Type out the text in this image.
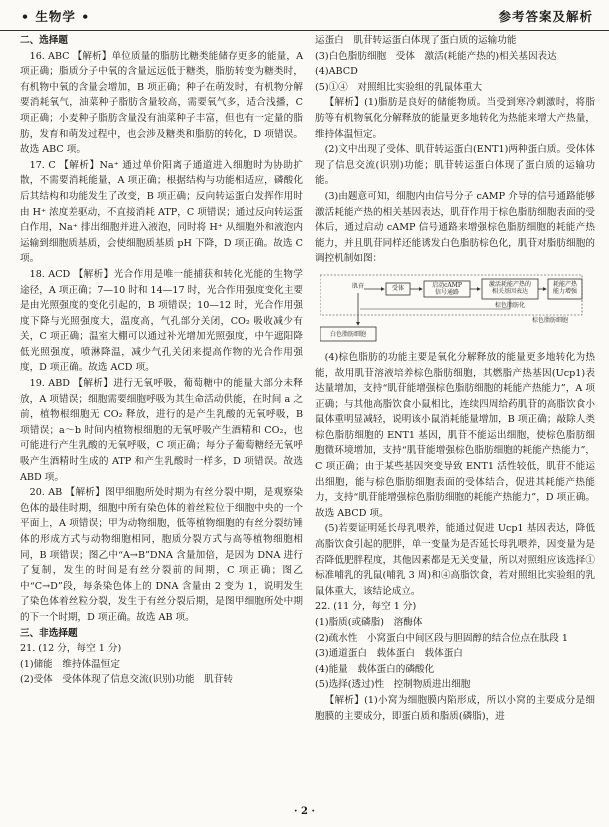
• 生物学 •	参考答案及解析

二、选择题

16. ABC 【解析】单位质量的脂肪比糖类能储存更多的能量，A 项正确；脂质分子中氧的含量远远低于糖类，脂肪转变为糖类时，有机物中氧的含量会增加，B 项正确；种子在萌发时，有机物分解要消耗氧气，油菜种子脂肪含量较高，需要氧气多，适合浅播，C 项正确；小麦种子脂肪含量没有油菜种子丰富，但也有一定量的脂肪，发育和萌发过程中，也会涉及糖类和脂肪的转化，D 项错误。故选 ABC 项。

17. C 【解析】Na⁺ 通过单价阳离子通道进入细胞时为协助扩散，不需要消耗能量，A 项正确；根据结构与功能相适应，磷酸化后其结构和功能发生了改变，B 项正确；反向转运蛋白发挥作用时由 H⁺ 浓度差驱动，不直接消耗 ATP，C 项错误；通过反向转运蛋白作用，Na⁺ 排出细胞并进入液泡，同时将 H⁺ 从细胞外和液泡内运输到细胞质基质，会使细胞质基质 pH 下降，D 项正确。故选 C 项。

18. ACD 【解析】光合作用是唯一能捕获和转化光能的生物学途径，A 项正确；7—10 时和 14—17 时，光合作用强度变化主要是由光照强度的变化引起的，B 项错误；10—12 时，光合作用强度下降与光照强度大，温度高，气孔部分关闭，CO₂ 吸收减少有关，C 项正确；温室大棚可以通过补光增加光照强度，中午遮阳降低光照强度，喷淋降温，减少气孔关闭来提高作物的光合作用强度，D 项正确。故选 ACD 项。

19. ABD 【解析】进行无氧呼吸，葡萄糖中的能量大部分未释放，A 项错误；细胞需要细胞呼吸为其生命活动供能，在时间 a 之前，植物根细胞无 CO₂ 释放，进行的是产生乳酸的无氧呼吸，B 项错误；a～b 时间内植物根细胞的无氧呼吸产生酒精和 CO₂，也可能进行产生乳酸的无氧呼吸，C 项正确；每分子葡萄糖经无氧呼吸产生酒精时生成的 ATP 和产生乳酸时一样多，D 项错误。故选 ABD 项。

20. AB 【解析】图甲细胞所处时期为有丝分裂中期，是观察染色体的最佳时期，细胞中所有染色体的着丝粒位于细胞中央的一个平面上，A 项错误；甲为动物细胞，低等植物细胞的有丝分裂纺锤体的形成方式与动物细胞相同，胞质分裂方式与高等植物细胞相同，B 项错误；图乙中“A→B”DNA 含量加倍，是因为 DNA 进行了复制，发生的时间是有丝分裂前的间期，C 项正确；图乙中“C→D”段，每条染色体上的 DNA 含量由 2 变为 1，说明发生了染色体着丝粒分裂，发生于有丝分裂后期，是图甲细胞所处中期的下一个时期，D 项正确。故选 AB 项。

三、非选择题

21. (12 分，每空 1 分)

(1)储能　维持体温恒定

(2)受体　受体体现了信息交流(识别)功能　肌苷转

运蛋白　肌苷转运蛋白体现了蛋白质的运输功能

(3)白色脂肪细胞　受体　激活(耗能产热的)相关基因表达

(4)ABCD

(5)①④　对照组比实验组的乳鼠体重大

【解析】(1)脂肪是良好的储能物质。当受到寒冷刺激时，将脂肪等有机物氧化分解释放的能量更多地转化为热能来增大产热量，维持体温恒定。

(2)文中出现了受体、肌苷转运蛋白(ENT1)两种蛋白质。受体体现了信息交流(识别)功能；肌苷转运蛋白体现了蛋白质的运输功能。

(3)由题意可知，细胞内由信号分子 cAMP 介导的信号通路能够激活耗能产热的相关基因表达，肌苷作用于棕色脂肪细胞表面的受体后，通过启动 cAMP 信号通路来增强棕色脂肪细胞的耗能产热能力，并且肌苷同样还能诱发白色脂肪棕色化，肌苷对脂肪细胞的调控机制如图：

肌苷	受体	启动cAMP
信号通路
激活耗能产热的
相关基因表达
耗能产热
能力增强
棕色脂肪化
白色脂肪细胞
棕色脂肪细胞

(4)棕色脂肪的功能主要是氧化分解释放的能量更多地转化为热能，故用肌苷溶液培养棕色脂肪细胞，其燃脂产热基因(Ucp1)表达量增加，支持“肌苷能增强棕色脂肪细胞的耗能产热能力”，A 项正确；与其他高脂饮食小鼠相比，连续四周给药肌苷的高脂饮食小鼠体重明显减轻，说明该小鼠消耗能量增加，B 项正确；敲除人类棕色脂肪细胞的 ENT1 基因，肌苷不能运出细胞，使棕色脂肪细胞微环境增加，支持“肌苷能增强棕色脂肪细胞的耗能产热能力”，C 项正确；由于某些基因突变导致 ENT1 活性较低，肌苷不能运出细胞，能与棕色脂肪细胞表面的受体结合，促进其耗能产热能力，支持“肌苷能增强棕色脂肪细胞的耗能产热能力”，D 项正确。故选 ABCD 项。

(5)若要证明延长母乳喂养，能通过促进 Ucp1 基因表达，降低高脂饮食引起的肥胖，单一变量为是否延长母乳喂养，因变量为是否降低肥胖程度，其他因素都是无关变量，所以对照组应该选择①标准哺乳的乳鼠(哺乳 3 周)和④高脂饮食，若对照组比实验组的乳鼠体重大，该结论成立。

22. (11 分，每空 1 分)

(1)脂质(或磷脂)　溶酶体

(2)疏水性　小窝蛋白中间区段与胆固醇的结合位点在肽段 1

(3)通道蛋白　载体蛋白　载体蛋白

(4)能量　载体蛋白的磷酸化

(5)选择(透过)性　控制物质进出细胞

【解析】(1)小窝为细胞膜内陷形成，所以小窝的主要成分是细胞膜的主要成分，即蛋白质和脂质(磷脂)，进

· 2 ·
